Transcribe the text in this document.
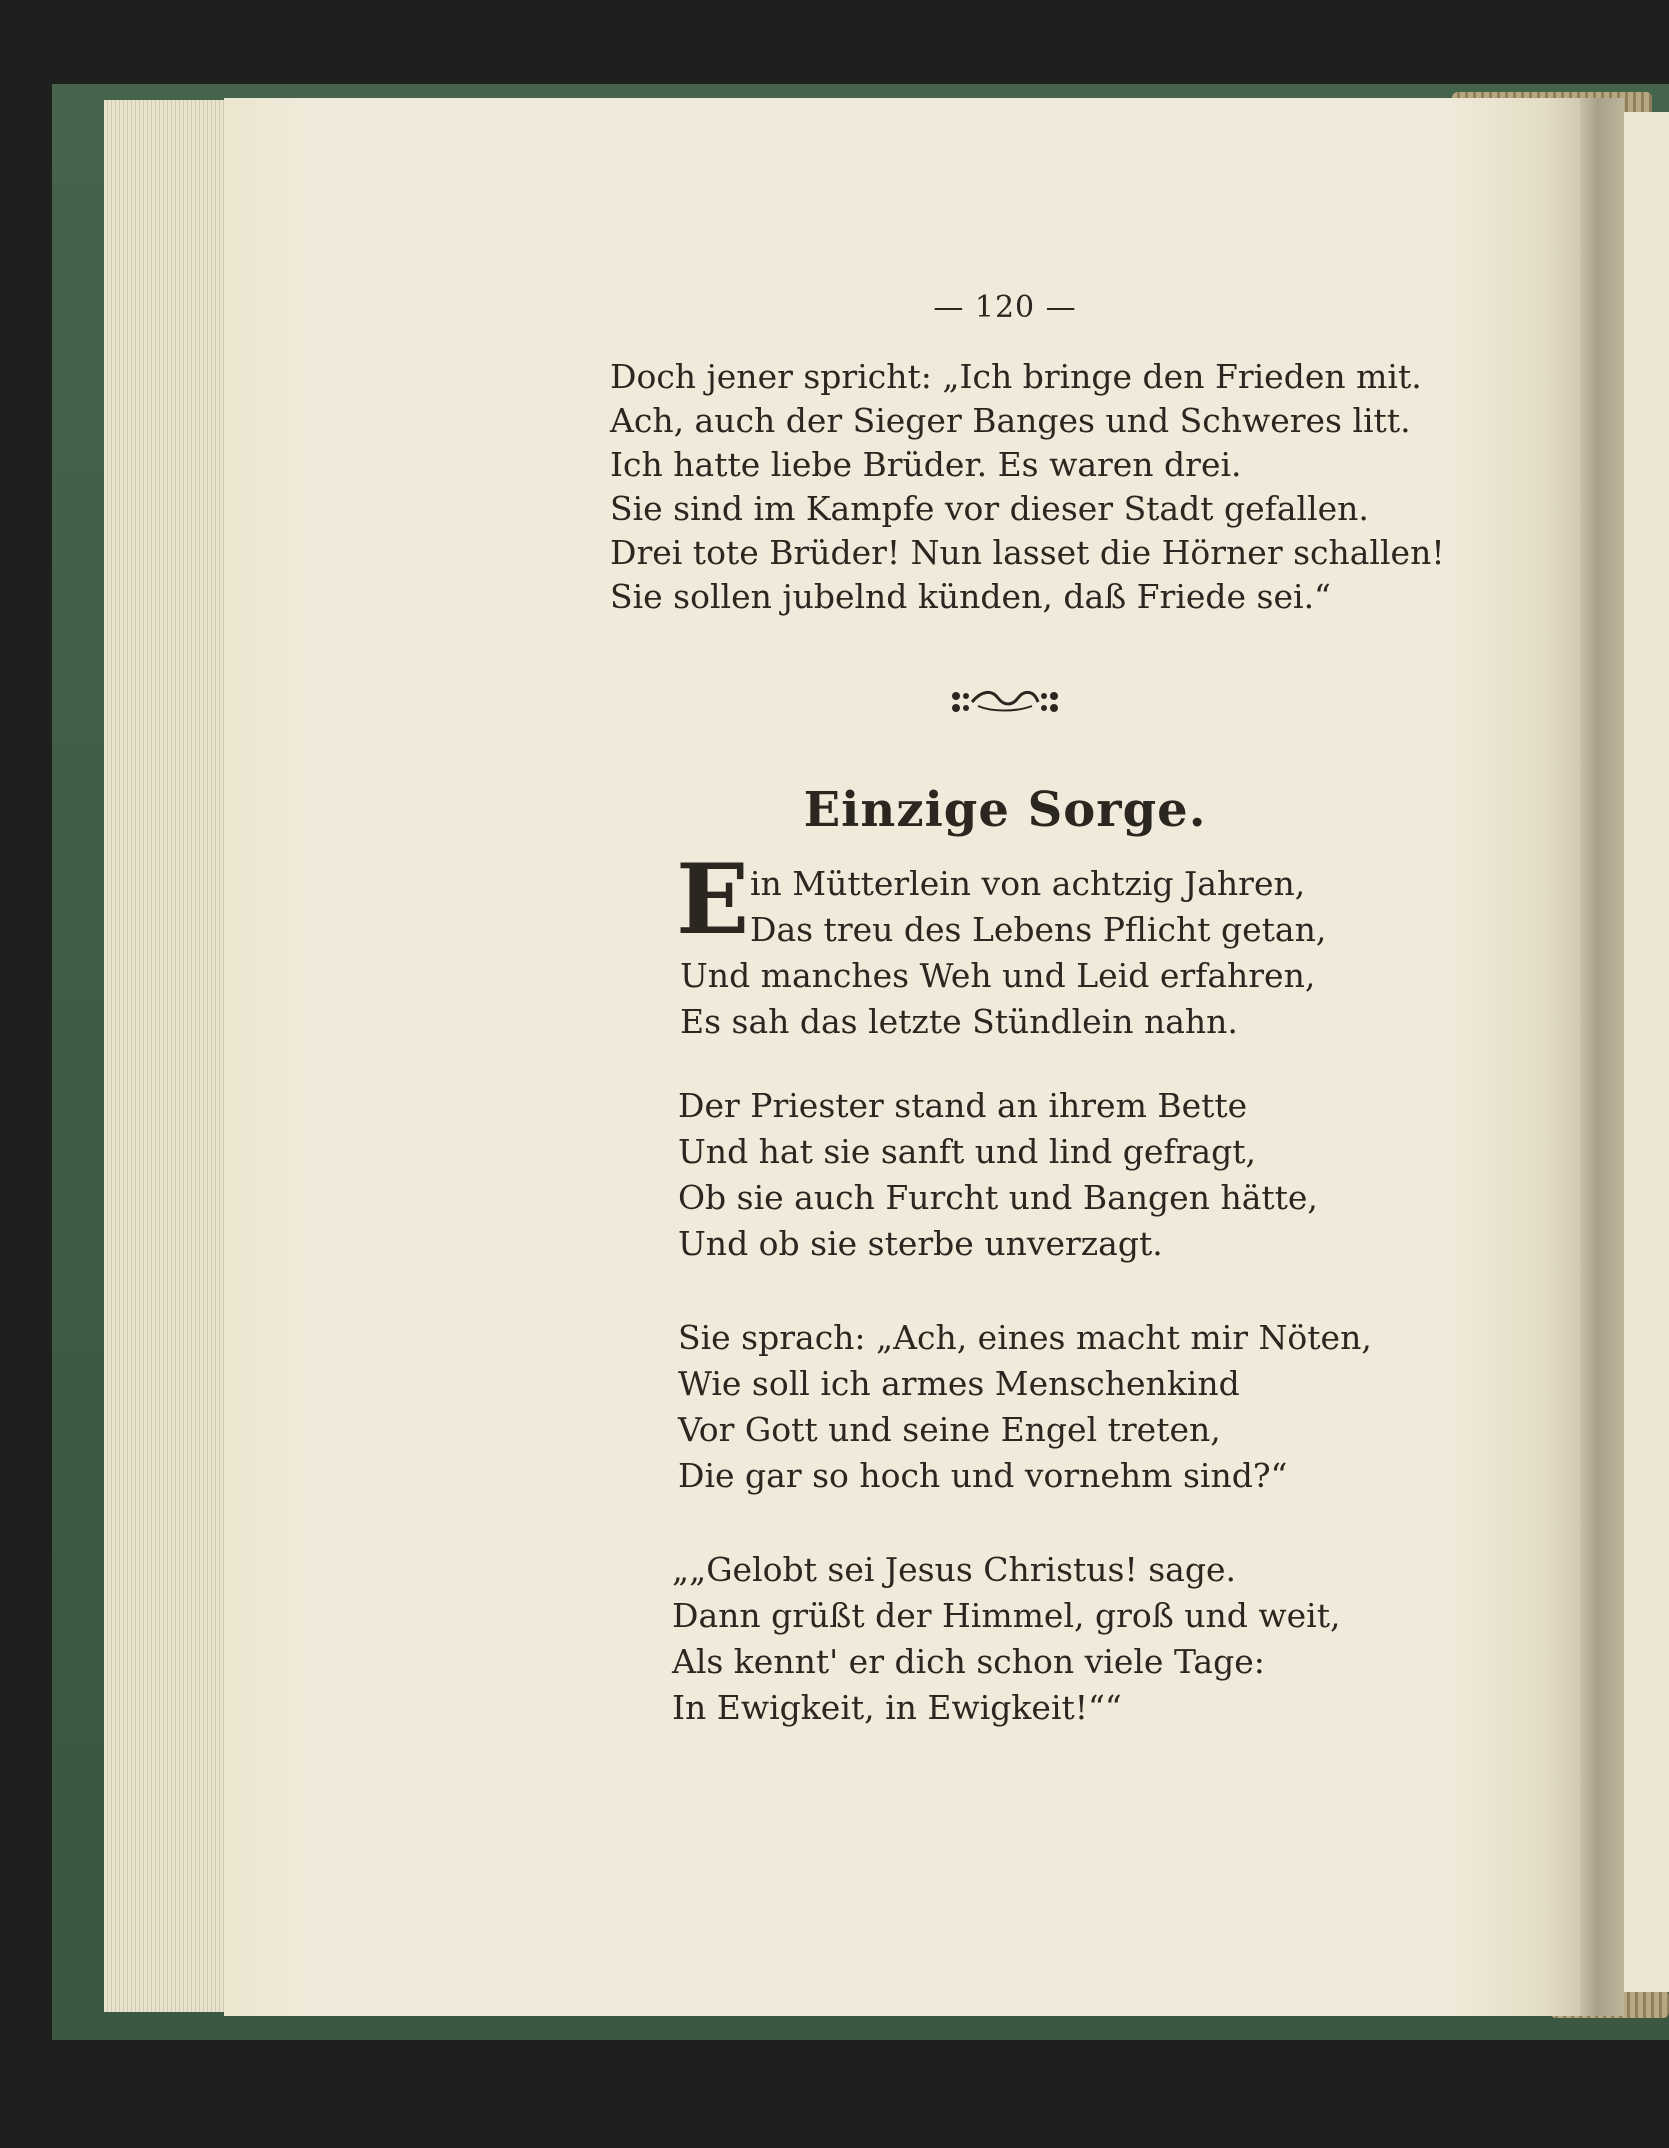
— 120 —
Doch jener spricht: „Ich bringe den Frieden mit.
Ach, auch der Sieger Banges und Schweres litt.
Ich hatte liebe Brüder. Es waren drei.
Sie sind im Kampfe vor dieser Stadt gefallen.
Drei tote Brüder! Nun lasset die Hörner schallen!
Sie sollen jubelnd künden, daß Friede sei.“
Einzige Sorge.
E in Mütterlein von achtzig Jahren,
Das treu des Lebens Pflicht getan,
Und manches Weh und Leid erfahren,
Es sah das letzte Stündlein nahn.
Der Priester stand an ihrem Bette
Und hat sie sanft und lind gefragt,
Ob sie auch Furcht und Bangen hätte,
Und ob sie sterbe unverzagt.
Sie sprach: „Ach, eines macht mir Nöten,
Wie soll ich armes Menschenkind
Vor Gott und seine Engel treten,
Die gar so hoch und vornehm sind?“
„„Gelobt sei Jesus Christus! sage.
Dann grüßt der Himmel, groß und weit,
Als kennt' er dich schon viele Tage:
In Ewigkeit, in Ewigkeit!““
